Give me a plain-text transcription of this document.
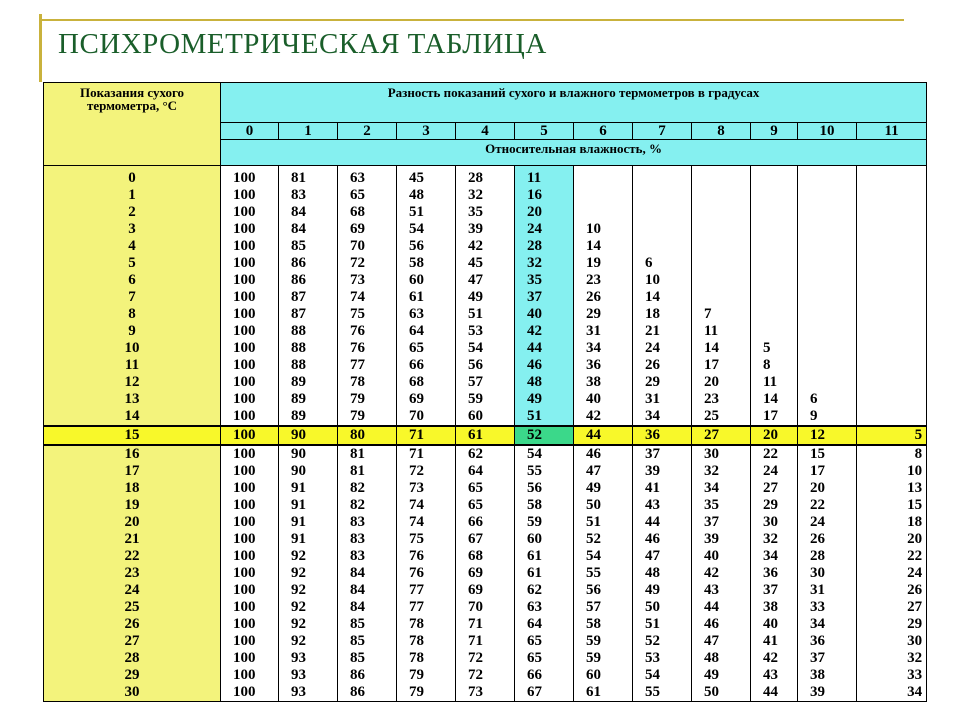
ПСИХРОМЕТРИЧЕСКАЯ ТАБЛИЦА
Показания сухого термометра, °С	Разность показаний сухого и влажного термометров в градусах											
	0	1	2	3	4	5	6	7	8	9	10	11
	Относительная влажность, %											
0	100	81	63	45	28	11						
1	100	83	65	48	32	16						
2	100	84	68	51	35	20						
3	100	84	69	54	39	24	10					
4	100	85	70	56	42	28	14					
5	100	86	72	58	45	32	19	6				
6	100	86	73	60	47	35	23	10				
7	100	87	74	61	49	37	26	14				
8	100	87	75	63	51	40	29	18	7			
9	100	88	76	64	53	42	31	21	11			
10	100	88	76	65	54	44	34	24	14	5		
11	100	88	77	66	56	46	36	26	17	8		
12	100	89	78	68	57	48	38	29	20	11		
13	100	89	79	69	59	49	40	31	23	14	6	
14	100	89	79	70	60	51	42	34	25	17	9	
15	100	90	80	71	61	52	44	36	27	20	12	5
16	100	90	81	71	62	54	46	37	30	22	15	8
17	100	90	81	72	64	55	47	39	32	24	17	10
18	100	91	82	73	65	56	49	41	34	27	20	13
19	100	91	82	74	65	58	50	43	35	29	22	15
20	100	91	83	74	66	59	51	44	37	30	24	18
21	100	91	83	75	67	60	52	46	39	32	26	20
22	100	92	83	76	68	61	54	47	40	34	28	22
23	100	92	84	76	69	61	55	48	42	36	30	24
24	100	92	84	77	69	62	56	49	43	37	31	26
25	100	92	84	77	70	63	57	50	44	38	33	27
26	100	92	85	78	71	64	58	51	46	40	34	29
27	100	92	85	78	71	65	59	52	47	41	36	30
28	100	93	85	78	72	65	59	53	48	42	37	32
29	100	93	86	79	72	66	60	54	49	43	38	33
30	100	93	86	79	73	67	61	55	50	44	39	34
